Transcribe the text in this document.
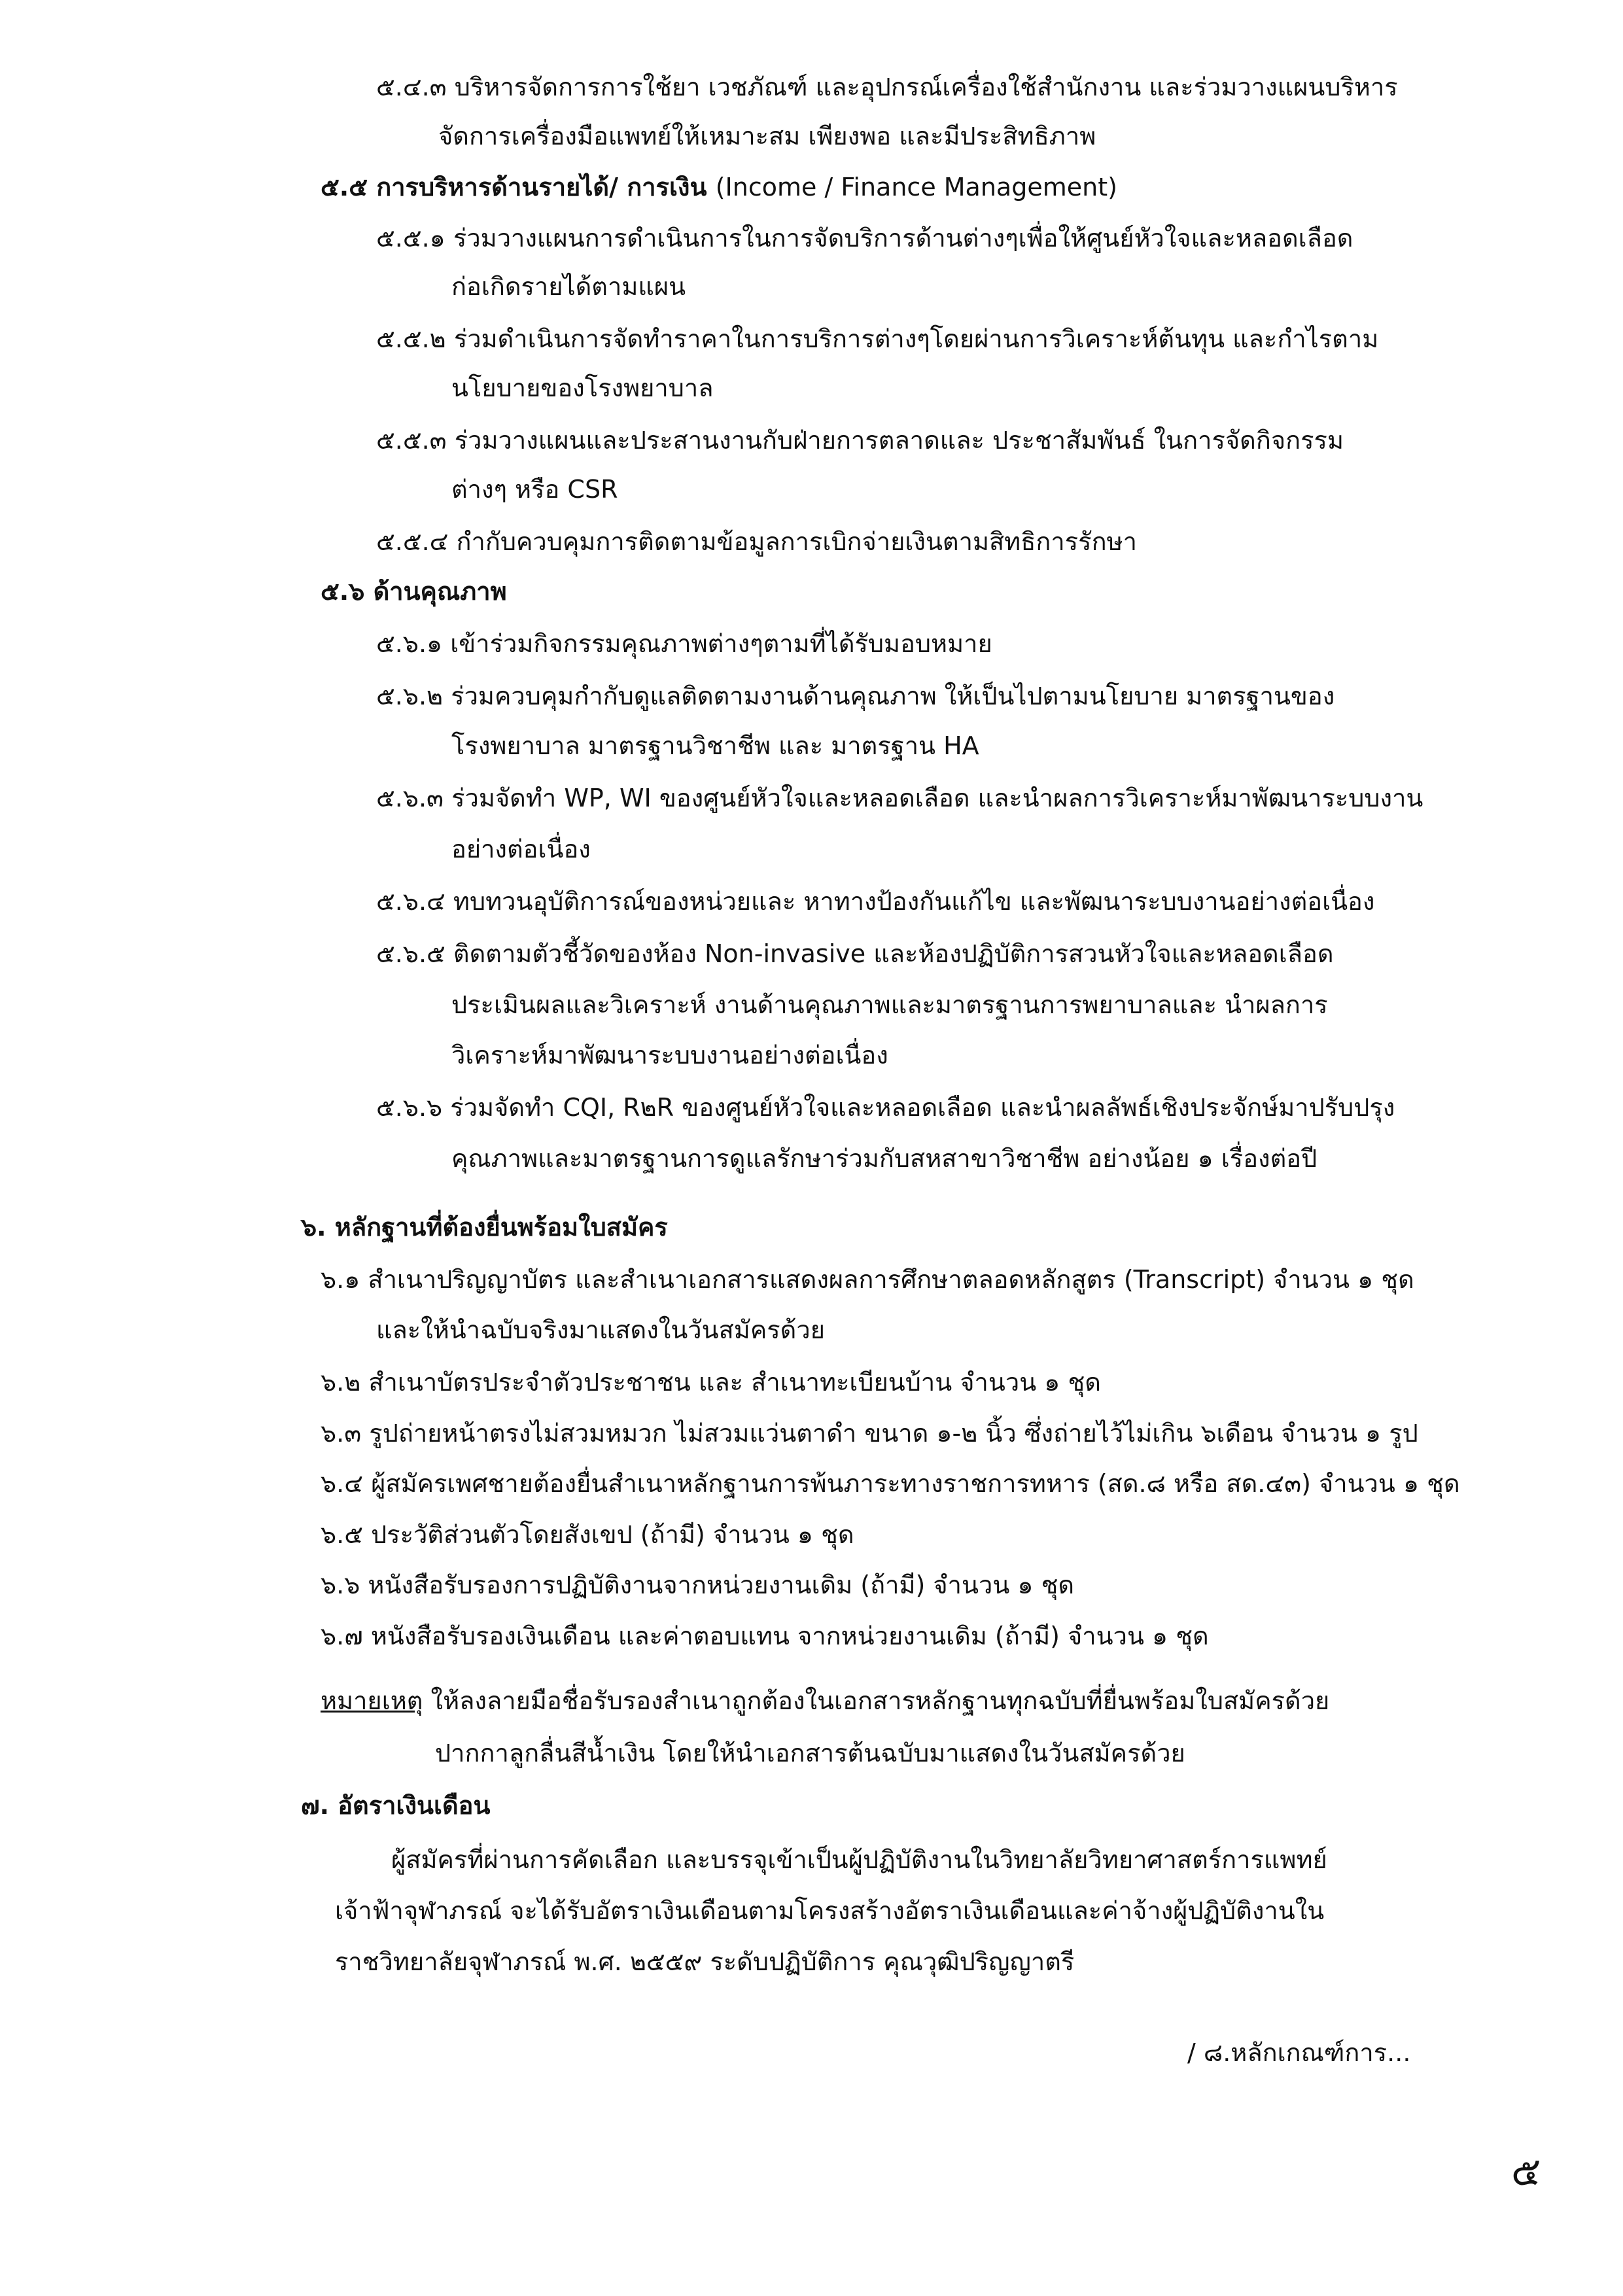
๕.๔.๓ บริหารจัดการการใช้ยา เวชภัณฑ์ และอุปกรณ์เครื่องใช้สำนักงาน และร่วมวางแผนบริหาร
จัดการเครื่องมือแพทย์ให้เหมาะสม เพียงพอ และมีประสิทธิภาพ
๕.๕ การบริหารด้านรายได้/ การเงิน (Income / Finance Management)
๕.๕.๑ ร่วมวางแผนการดำเนินการในการจัดบริการด้านต่างๆเพื่อให้ศูนย์หัวใจและหลอดเลือด
ก่อเกิดรายได้ตามแผน
๕.๕.๒ ร่วมดำเนินการจัดทำราคาในการบริการต่างๆโดยผ่านการวิเคราะห์ต้นทุน และกำไรตาม
นโยบายของโรงพยาบาล
๕.๕.๓ ร่วมวางแผนและประสานงานกับฝ่ายการตลาดและ ประชาสัมพันธ์ ในการจัดกิจกรรม
ต่างๆ หรือ CSR
๕.๕.๔ กำกับควบคุมการติดตามข้อมูลการเบิกจ่ายเงินตามสิทธิการรักษา
๕.๖ ด้านคุณภาพ
๕.๖.๑ เข้าร่วมกิจกรรมคุณภาพต่างๆตามที่ได้รับมอบหมาย
๕.๖.๒ ร่วมควบคุมกำกับดูแลติดตามงานด้านคุณภาพ ให้เป็นไปตามนโยบาย มาตรฐานของ
โรงพยาบาล มาตรฐานวิชาชีพ และ มาตรฐาน HA
๕.๖.๓ ร่วมจัดทำ WP, WI ของศูนย์หัวใจและหลอดเลือด และนำผลการวิเคราะห์มาพัฒนาระบบงาน
อย่างต่อเนื่อง
๕.๖.๔ ทบทวนอุบัติการณ์ของหน่วยและ หาทางป้องกันแก้ไข และพัฒนาระบบงานอย่างต่อเนื่อง
๕.๖.๕ ติดตามตัวชี้วัดของห้อง Non-invasive และห้องปฏิบัติการสวนหัวใจและหลอดเลือด
ประเมินผลและวิเคราะห์ งานด้านคุณภาพและมาตรฐานการพยาบาลและ นำผลการ
วิเคราะห์มาพัฒนาระบบงานอย่างต่อเนื่อง
๕.๖.๖ ร่วมจัดทำ CQI, R๒R ของศูนย์หัวใจและหลอดเลือด และนำผลลัพธ์เชิงประจักษ์มาปรับปรุง
คุณภาพและมาตรฐานการดูแลรักษาร่วมกับสหสาขาวิชาชีพ อย่างน้อย ๑ เรื่องต่อปี
๖. หลักฐานที่ต้องยื่นพร้อมใบสมัคร
๖.๑ สำเนาปริญญาบัตร และสำเนาเอกสารแสดงผลการศึกษาตลอดหลักสูตร (Transcript) จำนวน ๑ ชุด
และให้นำฉบับจริงมาแสดงในวันสมัครด้วย
๖.๒ สำเนาบัตรประจำตัวประชาชน และ สำเนาทะเบียนบ้าน จำนวน ๑ ชุด
๖.๓ รูปถ่ายหน้าตรงไม่สวมหมวก ไม่สวมแว่นตาดำ ขนาด ๑-๒ นิ้ว ซึ่งถ่ายไว้ไม่เกิน ๖เดือน จำนวน ๑ รูป
๖.๔ ผู้สมัครเพศชายต้องยื่นสำเนาหลักฐานการพ้นภาระทางราชการทหาร (สด.๘ หรือ สด.๔๓) จำนวน ๑ ชุด
๖.๕ ประวัติส่วนตัวโดยสังเขป (ถ้ามี) จำนวน ๑ ชุด
๖.๖ หนังสือรับรองการปฏิบัติงานจากหน่วยงานเดิม (ถ้ามี) จำนวน ๑ ชุด
๖.๗ หนังสือรับรองเงินเดือน และค่าตอบแทน จากหน่วยงานเดิม (ถ้ามี) จำนวน ๑ ชุด
หมายเหตุ ให้ลงลายมือชื่อรับรองสำเนาถูกต้องในเอกสารหลักฐานทุกฉบับที่ยื่นพร้อมใบสมัครด้วย
ปากกาลูกลื่นสีน้ำเงิน โดยให้นำเอกสารต้นฉบับมาแสดงในวันสมัครด้วย
๗. อัตราเงินเดือน
ผู้สมัครที่ผ่านการคัดเลือก และบรรจุเข้าเป็นผู้ปฏิบัติงานในวิทยาลัยวิทยาศาสตร์การแพทย์
เจ้าฟ้าจุฬาภรณ์ จะได้รับอัตราเงินเดือนตามโครงสร้างอัตราเงินเดือนและค่าจ้างผู้ปฏิบัติงานใน
ราชวิทยาลัยจุฬาภรณ์ พ.ศ. ๒๕๕๙ ระดับปฏิบัติการ คุณวุฒิปริญญาตรี
/ ๘.หลักเกณฑ์การ...
๕
